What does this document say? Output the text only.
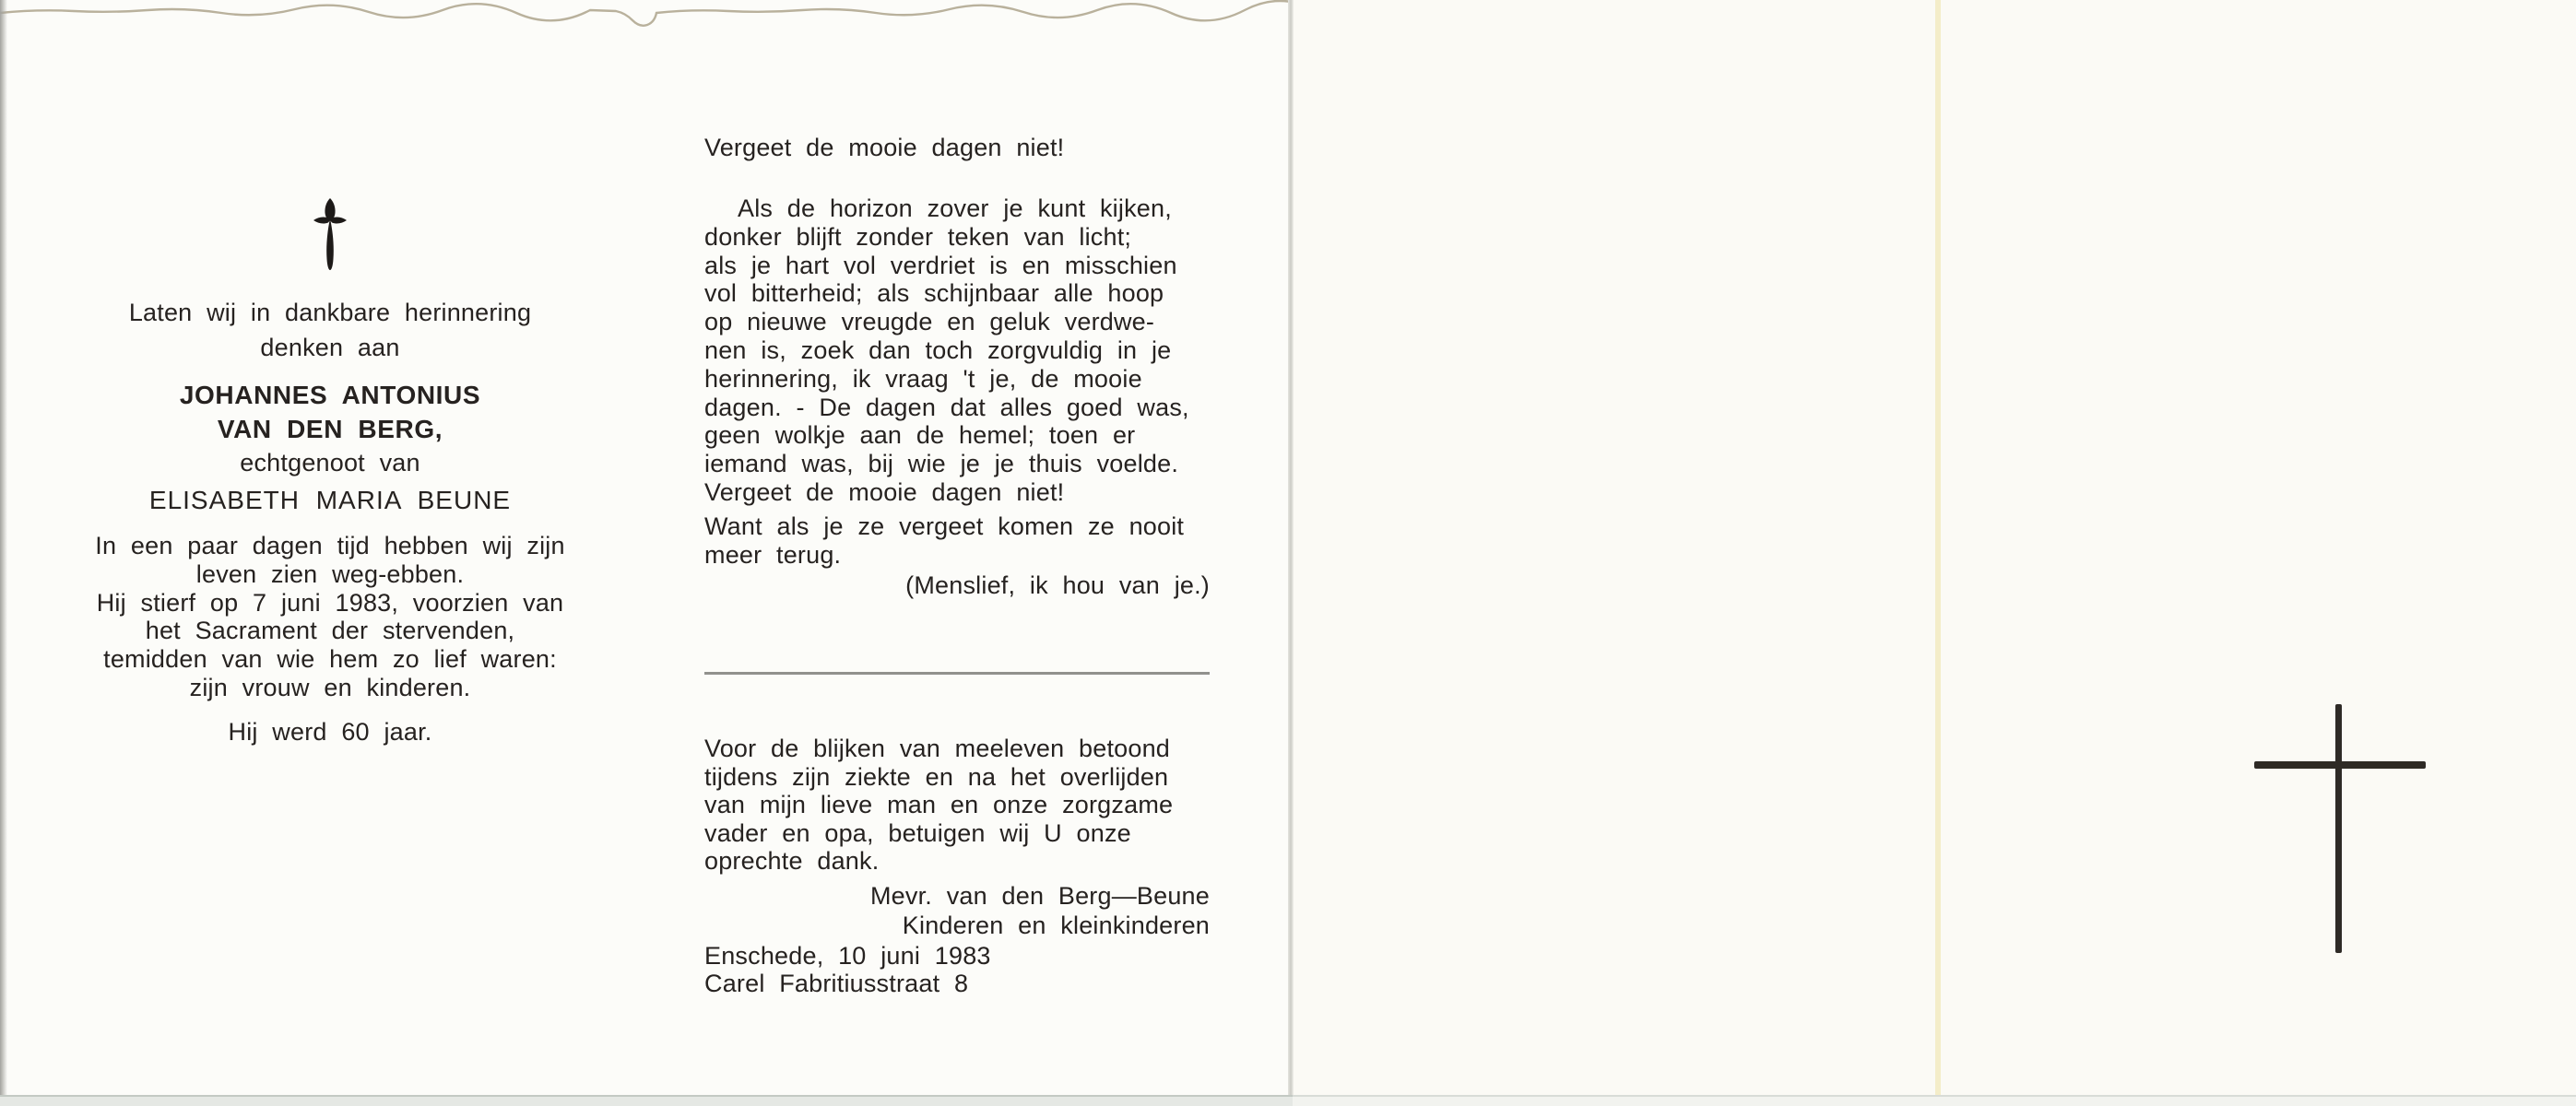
Laten wij in dankbare herinnering
denken aan
JOHANNES ANTONIUS
VAN DEN BERG,
echtgenoot van
ELISABETH MARIA BEUNE
In een paar dagen tijd hebben wij zijn
leven zien weg-ebben.
Hij stierf op 7 juni 1983, voorzien van
het Sacrament der stervenden,
temidden van wie hem zo lief waren:
zijn vrouw en kinderen.
Hij werd 60 jaar.
Vergeet de mooie dagen niet!
Als de horizon zover je kunt kijken,
donker blijft zonder teken van licht;
als je hart vol verdriet is en misschien
vol bitterheid; als schijnbaar alle hoop
op nieuwe vreugde en geluk verdwe-
nen is, zoek dan toch zorgvuldig in je
herinnering, ik vraag 't je, de mooie
dagen. - De dagen dat alles goed was,
geen wolkje aan de hemel; toen er
iemand was, bij wie je je thuis voelde.
Vergeet de mooie dagen niet!
Want als je ze vergeet komen ze nooit
meer terug.
(Menslief, ik hou van je.)
Voor de blijken van meeleven betoond
tijdens zijn ziekte en na het overlijden
van mijn lieve man en onze zorgzame
vader en opa, betuigen wij U onze
oprechte dank.
Mevr. van den Berg—Beune
Kinderen en kleinkinderen
Enschede, 10 juni 1983
Carel Fabritiusstraat 8
